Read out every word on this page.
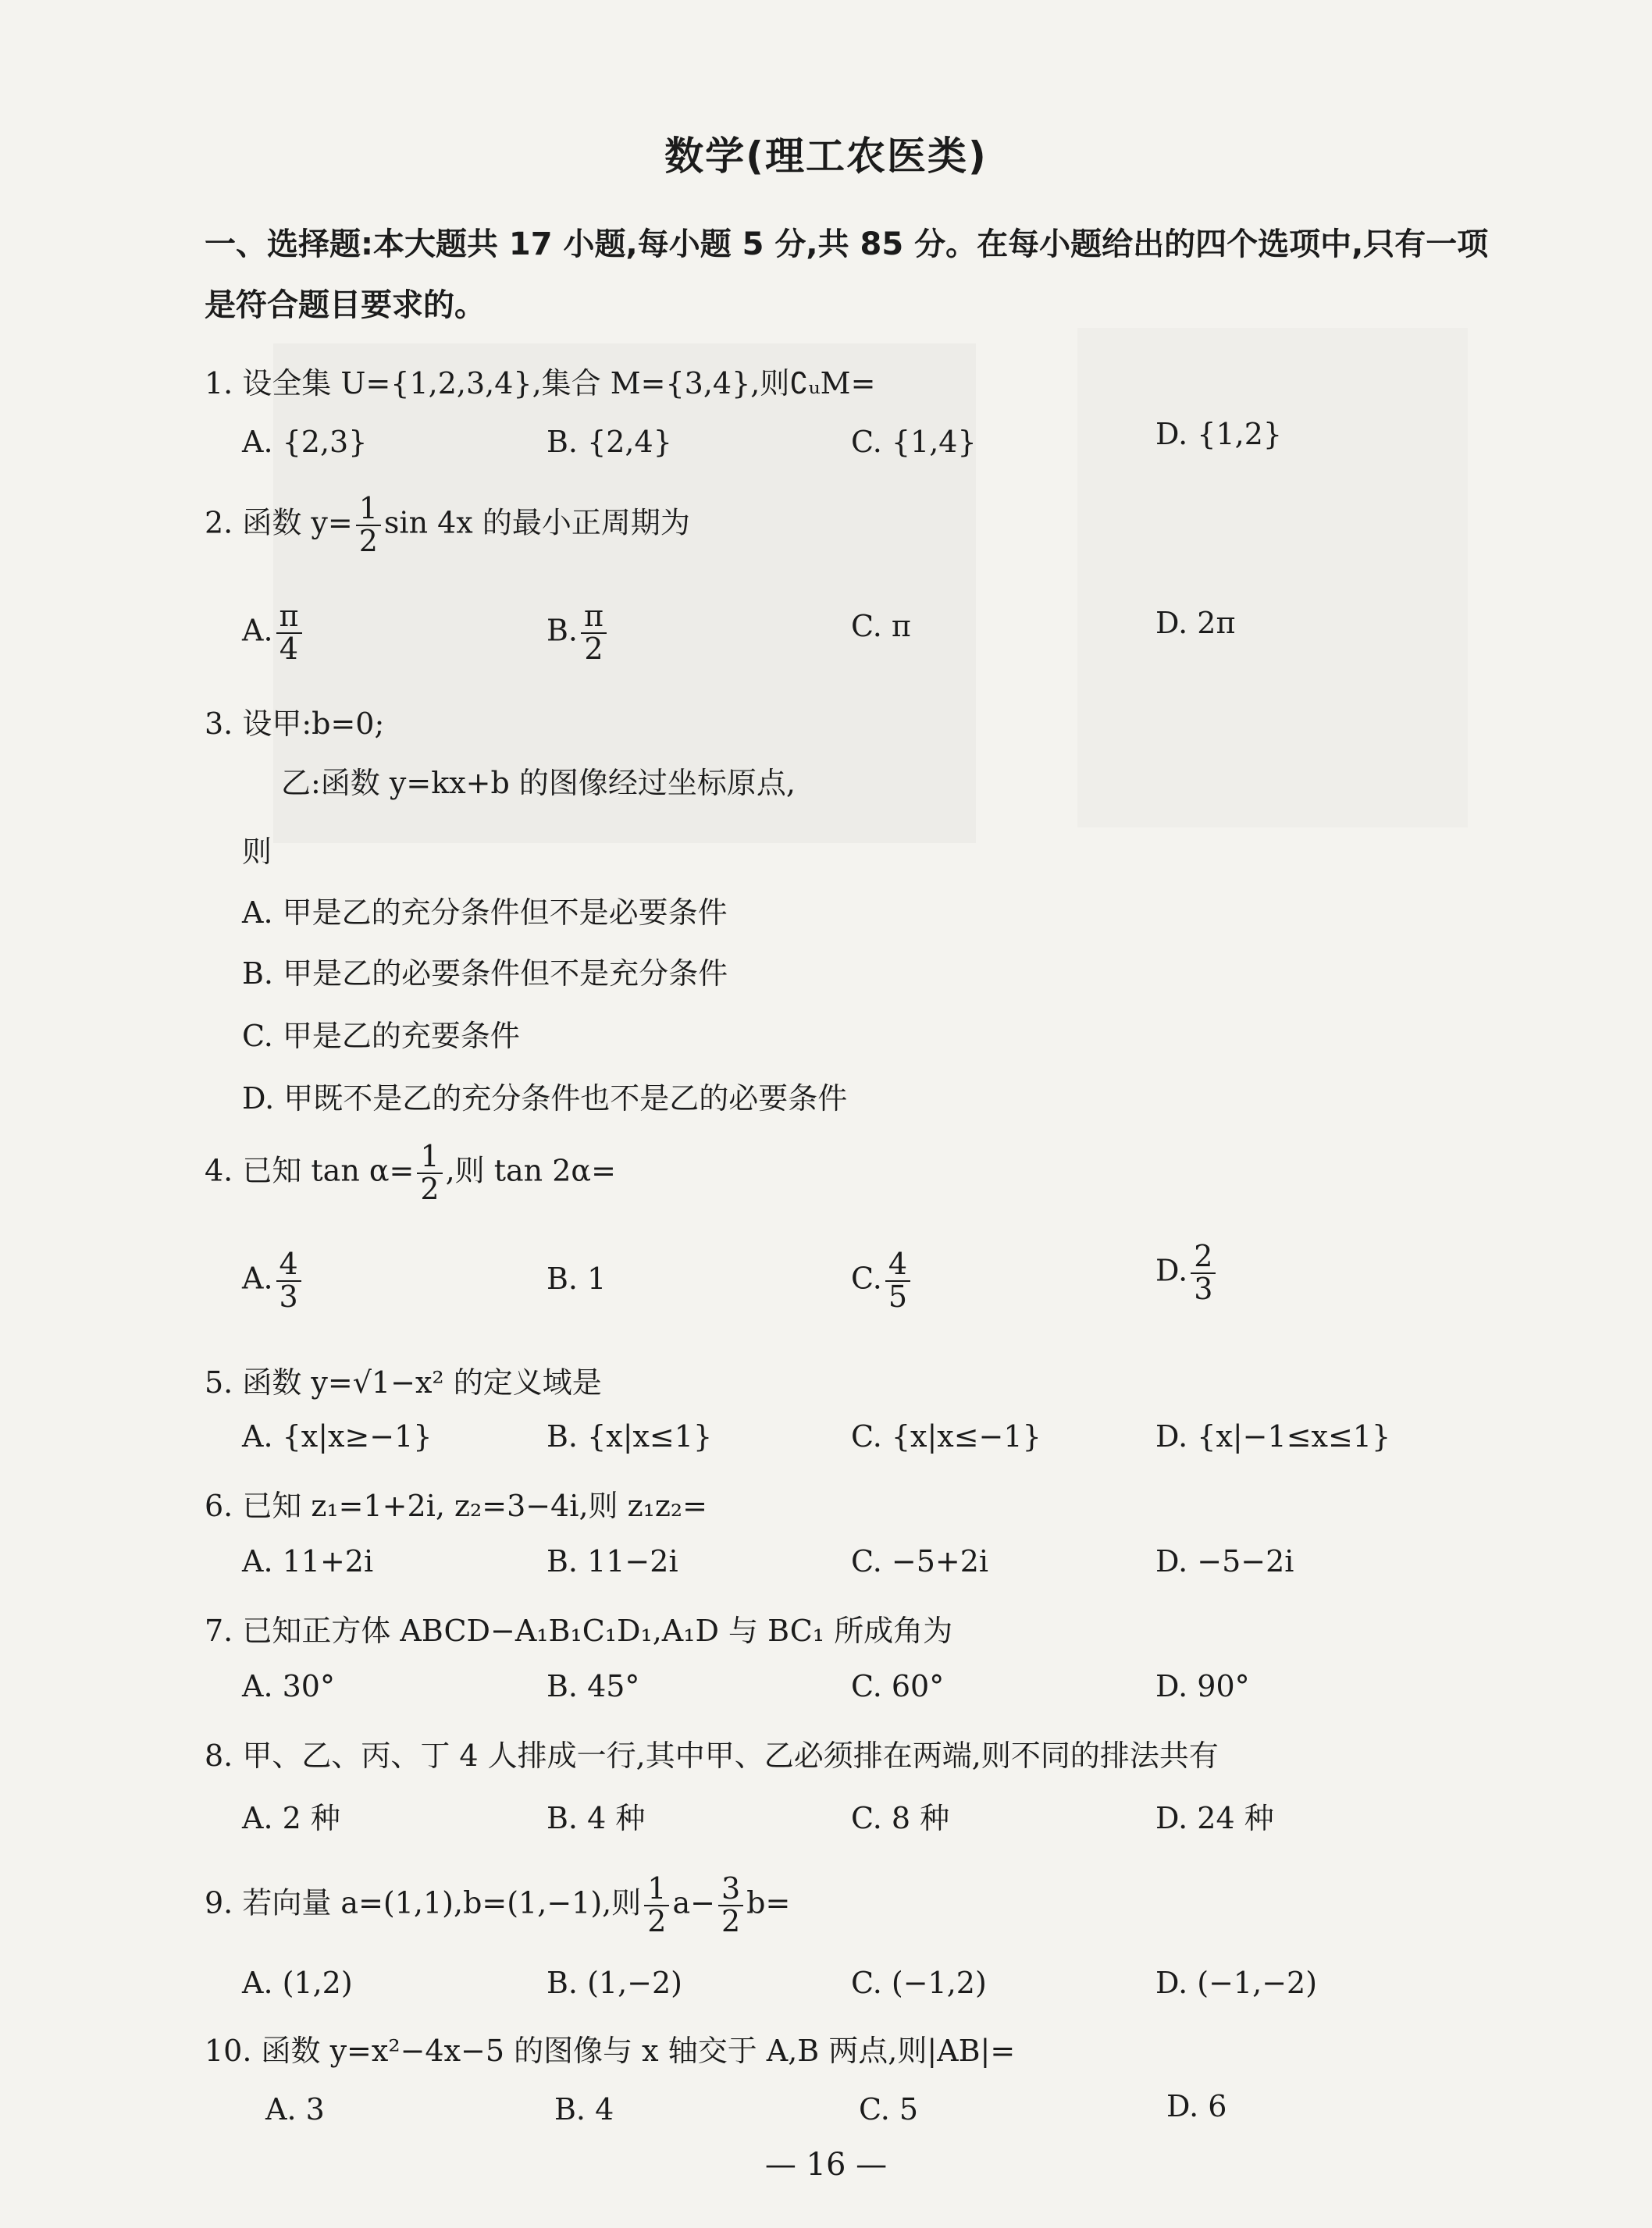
数学(理工农医类)
一、选择题:本大题共 17 小题,每小题 5 分,共 85 分。在每小题给出的四个选项中,只有一项
是符合题目要求的。
1. 设全集 U={1,2,3,4},集合 M={3,4},则∁ᵤM=
A. {2,3}	B. {2,4}	C. {1,4}	D. {1,2}
2. 函数 $y= \frac{1}{2}$ sin 4x 的最小正周期为
A. $\frac{\pi}{4}$	B. $\frac{\pi}{2}$	C. π	D. 2π
3. 设甲:b=0;
乙:函数 y=kx+b 的图像经过坐标原点,
则
A. 甲是乙的充分条件但不是必要条件
B. 甲是乙的必要条件但不是充分条件
C. 甲是乙的充要条件
D. 甲既不是乙的充分条件也不是乙的必要条件
4. 已知 $\tan \alpha= \frac{1}{2}$ ,则 tan 2α=
A. $\frac{4}{3}$	B. 1	C. $\frac{4}{5}$	D. $\frac{2}{3}$
5. 函数 y=√1−x² 的定义域是
A. {x|x≥−1}	B. {x|x≤1}	C. {x|x≤−1}	D. {x|−1≤x≤1}
6. 已知 z₁=1+2i, z₂=3−4i,则 z₁z₂=
A. 11+2i	B. 11−2i	C. −5+2i	D. −5−2i
7. 已知正方体 ABCD−A₁B₁C₁D₁,A₁D 与 BC₁ 所成角为
A. 30°	B. 45°	C. 60°	D. 90°
8. 甲、乙、丙、丁 4 人排成一行,其中甲、乙必须排在两端,则不同的排法共有
A. 2 种	B. 4 种	C. 8 种	D. 24 种
9. 若向量 a=(1,1),b=(1,−1),则 $\frac{1}{2} a- \frac{3}{2} b=$
A. (1,2)	B. (1,−2)	C. (−1,2)	D. (−1,−2)
10. 函数 y=x²−4x−5 的图像与 x 轴交于 A,B 两点,则|AB|=
A. 3	B. 4	C. 5	D. 6
— 16 —
